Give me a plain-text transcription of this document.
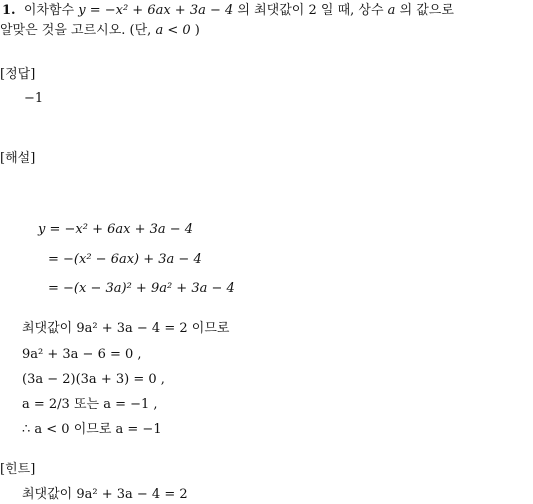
1. 이차함수 y = −x² + 6ax + 3a − 4 의 최댓값이 2 일 때, 상수 a 의 값으로
알맞은 것을 고르시오. (단, a < 0 )
[정답]
−1
[해설]
y = −x² + 6ax + 3a − 4
= −(x² − 6ax) + 3a − 4
= −(x − 3a)² + 9a² + 3a − 4
최댓값이 9a² + 3a − 4 = 2 이므로
9a² + 3a − 6 = 0 ,
(3a − 2)(3a + 3) = 0 ,
a = 2/3 또는 a = −1 ,
∴ a < 0 이므로 a = −1
[힌트]
최댓값이 9a² + 3a − 4 = 2
